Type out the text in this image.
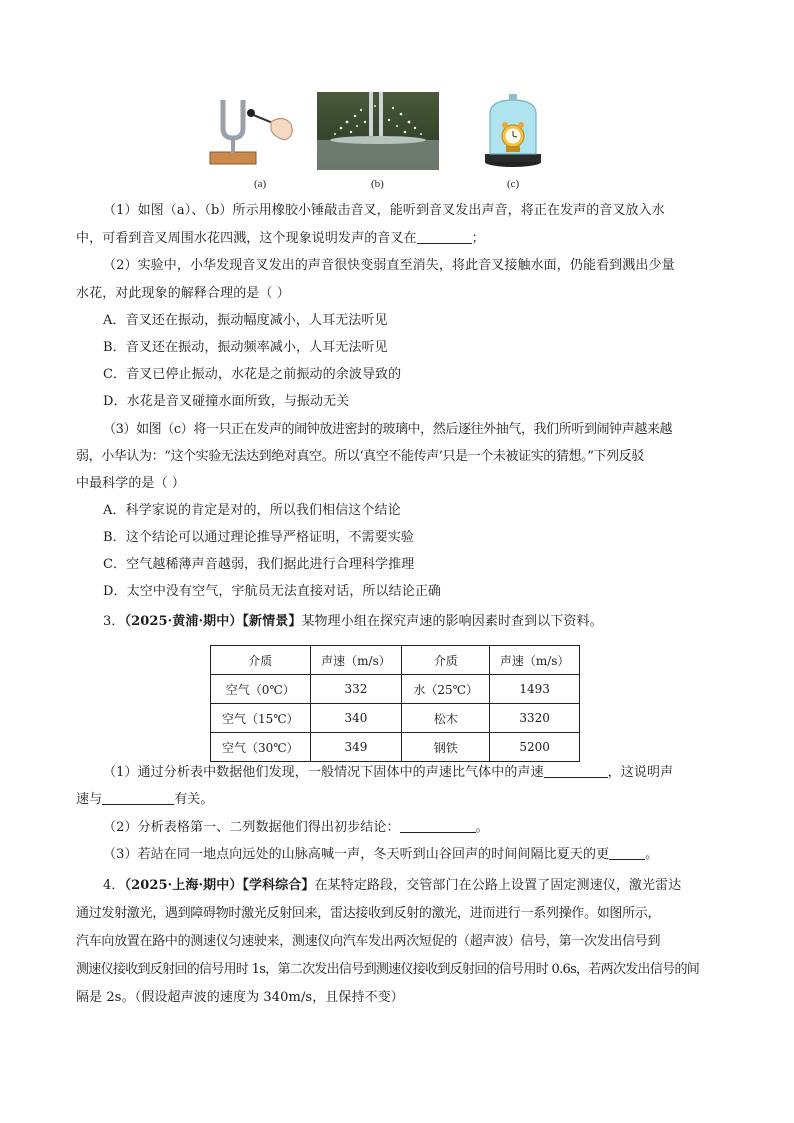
(a)	(b)	(c)
（1）如图（a）、（b）所示用橡胶小锤敲击音叉，能听到音叉发出声音，将正在发声的音叉放入水
中，可看到音叉周围水花四溅，这个现象说明发声的音叉在	；
（2）实验中，小华发现音叉发出的声音很快变弱直至消失，将此音叉接触水面，仍能看到溅出少量
水花，对此现象的解释合理的是（ ）
A．音叉还在振动，振动幅度减小，人耳无法听见
B．音叉还在振动，振动频率减小，人耳无法听见
C．音叉已停止振动，水花是之前振动的余波导致的
D．水花是音叉碰撞水面所致，与振动无关
（3）如图（c）将一只正在发声的闹钟放进密封的玻璃中，然后逐往外抽气，我们所听到闹钟声越来越
弱，小华认为：“这个实验无法达到绝对真空。所以‘真空不能传声’只是一个未被证实的猜想。”下列反驳
中最科学的是（ ）
A．科学家说的肯定是对的，所以我们相信这个结论
B．这个结论可以通过理论推导严格证明，不需要实验
C．空气越稀薄声音越弱，我们据此进行合理科学推理
D．太空中没有空气，宇航员无法直接对话，所以结论正确
3．（2025·黄浦·期中）【新情景】某物理小组在探究声速的影响因素时查到以下资料。
介质	声速（m/s）	介质	声速（m/s）
空气（0℃）	332	水（25℃）	1493
空气（15℃）	340	松木	3320
空气（30℃）	349	钢铁	5200
（1）通过分析表中数据他们发现，一般情况下固体中的声速比气体中的声速	，这说明声
速与	有关。
（2）分析表格第一、二列数据他们得出初步结论：	。
（3）若站在同一地点向远处的山脉高喊一声，冬天听到山谷回声的时间间隔比夏天的更	。
4．（2025·上海·期中）【学科综合】在某特定路段，交管部门在公路上设置了固定测速仪，激光雷达
通过发射激光，遇到障碍物时激光反射回来，雷达接收到反射的激光，进而进行一系列操作。如图所示，
汽车向放置在路中的测速仪匀速驶来，测速仪向汽车发出两次短促的（超声波）信号，第一次发出信号到
测速仪接收到反射回的信号用时 1s，第二次发出信号到测速仪接收到反射回的信号用时 0.6s，若两次发出信号的间
隔是 2s。（假设超声波的速度为 340m/s，且保持不变）
